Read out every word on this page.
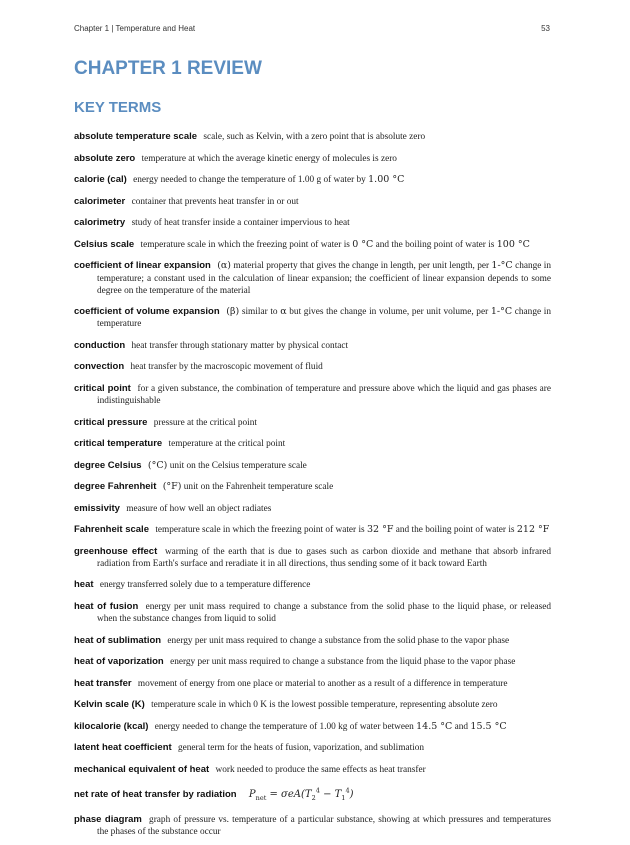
Chapter 1 | Temperature and Heat	53
CHAPTER 1 REVIEW
KEY TERMS

absolute temperature scale scale, such as Kelvin, with a zero point that is absolute zero

absolute zero temperature at which the average kinetic energy of molecules is zero

calorie (cal) energy needed to change the temperature of 1.00 g of water by 1.00 °C

calorimeter container that prevents heat transfer in or out

calorimetry study of heat transfer inside a container impervious to heat

Celsius scale temperature scale in which the freezing point of water is 0 °C and the boiling point of water is 100 °C

coefficient of linear expansion (α) material property that gives the change in length, per unit length, per 1-°C change in temperature; a constant used in the calculation of linear expansion; the coefficient of linear expansion depends to some degree on the temperature of the material

coefficient of volume expansion (β) similar to α but gives the change in volume, per unit volume, per 1-°C change in temperature

conduction heat transfer through stationary matter by physical contact

convection heat transfer by the macroscopic movement of fluid

critical point for a given substance, the combination of temperature and pressure above which the liquid and gas phases are indistinguishable

critical pressure pressure at the critical point

critical temperature temperature at the critical point

degree Celsius (°C) unit on the Celsius temperature scale

degree Fahrenheit (°F) unit on the Fahrenheit temperature scale

emissivity measure of how well an object radiates

Fahrenheit scale temperature scale in which the freezing point of water is 32 °F and the boiling point of water is 212 °F

greenhouse effect warming of the earth that is due to gases such as carbon dioxide and methane that absorb infrared radiation from Earth's surface and reradiate it in all directions, thus sending some of it back toward Earth

heat energy transferred solely due to a temperature difference

heat of fusion energy per unit mass required to change a substance from the solid phase to the liquid phase, or released when the substance changes from liquid to solid

heat of sublimation energy per unit mass required to change a substance from the solid phase to the vapor phase

heat of vaporization energy per unit mass required to change a substance from the liquid phase to the vapor phase

heat transfer movement of energy from one place or material to another as a result of a difference in temperature

Kelvin scale (K) temperature scale in which 0 K is the lowest possible temperature, representing absolute zero

kilocalorie (kcal) energy needed to change the temperature of 1.00 kg of water between 14.5 °C and 15.5 °C

latent heat coefficient general term for the heats of fusion, vaporization, and sublimation

mechanical equivalent of heat work needed to produce the same effects as heat transfer

net rate of heat transfer by radiation $P_{net} = \sigma eA(T_2^4 - T_1^4)$

phase diagram graph of pressure vs. temperature of a particular substance, showing at which pressures and temperatures the phases of the substance occur
